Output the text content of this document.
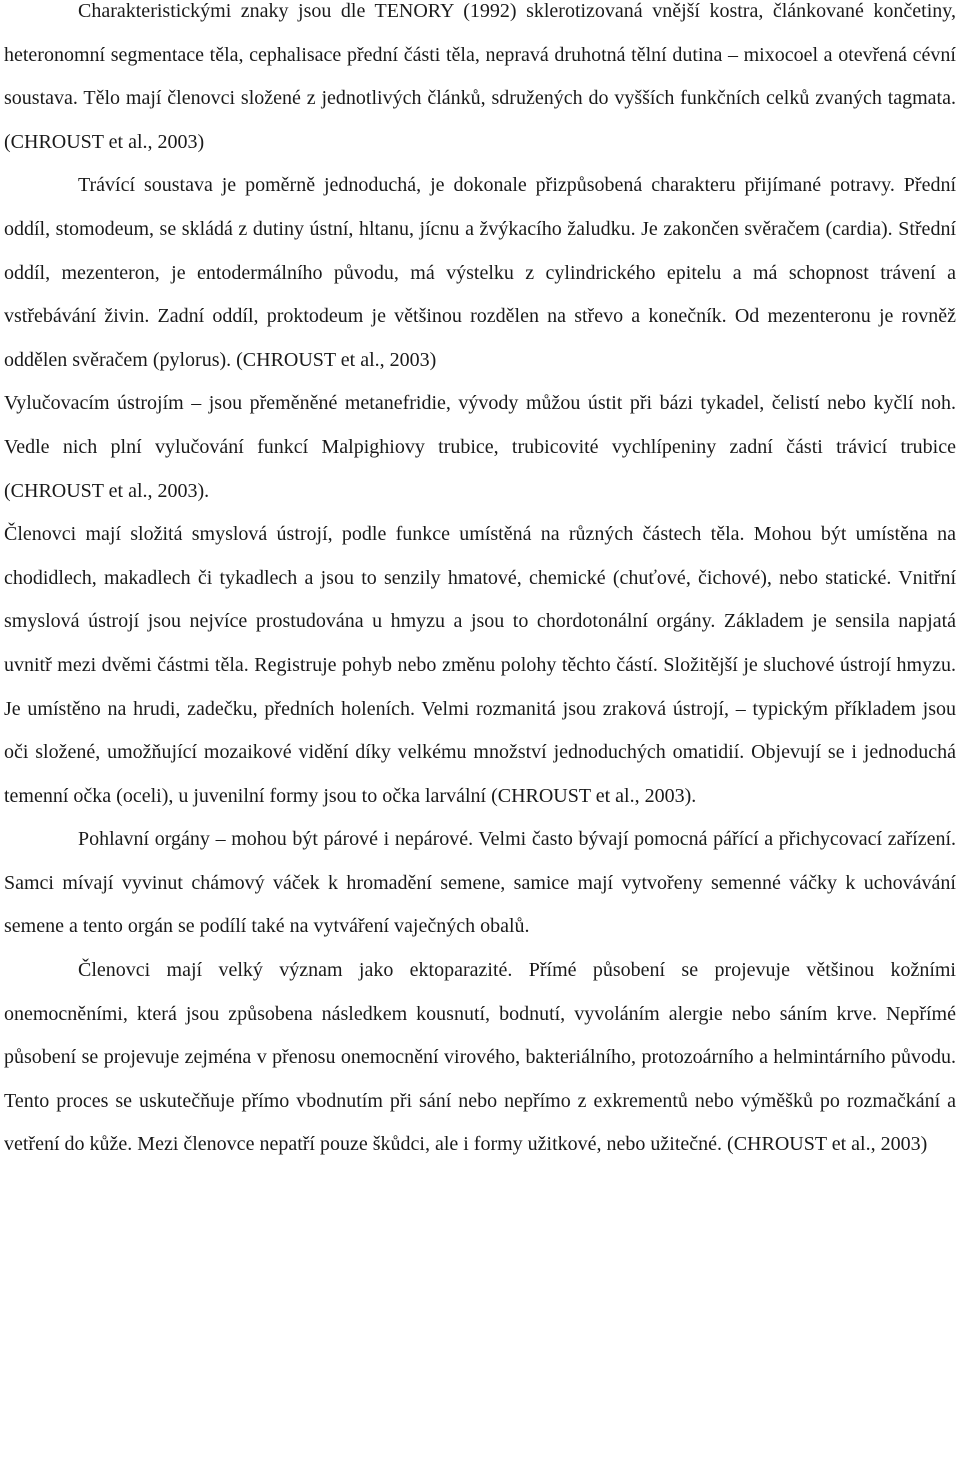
Charakteristickými znaky jsou dle TENORY (1992) sklerotizovaná vnější kostra, článkované končetiny, heteronomní segmentace těla, cephalisace přední části těla, nepravá druhotná tělní dutina – mixocoel a otevřená cévní soustava. Tělo mají členovci složené z jednotlivých článků, sdružených do vyšších funkčních celků zvaných tagmata. (CHROUST et al., 2003)

Trávící soustava je poměrně jednoduchá, je dokonale přizpůsobená charakteru přijímané potravy. Přední oddíl, stomodeum, se skládá z dutiny ústní, hltanu, jícnu a žvýkacího žaludku. Je zakončen svěračem (cardia). Střední oddíl, mezenteron, je entodermálního původu, má výstelku z cylindrického epitelu a má schopnost trávení a vstřebávání živin. Zadní oddíl, proktodeum je většinou rozdělen na střevo a konečník. Od mezenteronu je rovněž oddělen svěračem (pylorus). (CHROUST et al., 2003)

Vylučovacím ústrojím – jsou přeměněné metanefridie, vývody můžou ústit při bázi tykadel, čelistí nebo kyčlí noh. Vedle nich plní vylučování funkcí Malpighiovy trubice, trubicovité vychlípeniny zadní části trávicí trubice (CHROUST et al., 2003).

Členovci mají složitá smyslová ústrojí, podle funkce umístěná na různých částech těla. Mohou být umístěna na chodidlech, makadlech či tykadlech a jsou to senzily hmatové, chemické (chuťové, čichové), nebo statické. Vnitřní smyslová ústrojí jsou nejvíce prostudována u hmyzu a jsou to chordotonální orgány. Základem je sensila napjatá uvnitř mezi dvěmi částmi těla. Registruje pohyb nebo změnu polohy těchto částí. Složitější je sluchové ústrojí hmyzu. Je umístěno na hrudi, zadečku, předních holeních. Velmi rozmanitá jsou zraková ústrojí, – typickým příkladem jsou oči složené, umožňující mozaikové vidění díky velkému množství jednoduchých omatidií. Objevují se i jednoduchá temenní očka (oceli), u juvenilní formy jsou to očka larvální (CHROUST et al., 2003).

Pohlavní orgány – mohou být párové i nepárové. Velmi často bývají pomocná pářící a přichycovací zařízení. Samci mívají vyvinut chámový váček k hromadění semene, samice mají vytvořeny semenné váčky k uchovávání semene a tento orgán se podílí také na vytváření vaječných obalů.

Členovci mají velký význam jako ektoparazité. Přímé působení se projevuje většinou kožními onemocněními, která jsou způsobena následkem kousnutí, bodnutí, vyvoláním alergie nebo sáním krve. Nepřímé působení se projevuje zejména v přenosu onemocnění virového, bakteriálního, protozoárního a helmintárního původu. Tento proces se uskutečňuje přímo vbodnutím při sání nebo nepřímo z exkrementů nebo výměšků po rozmačkání a vetření do kůže. Mezi členovce nepatří pouze škůdci, ale i formy užitkové, nebo užitečné. (CHROUST et al., 2003)
